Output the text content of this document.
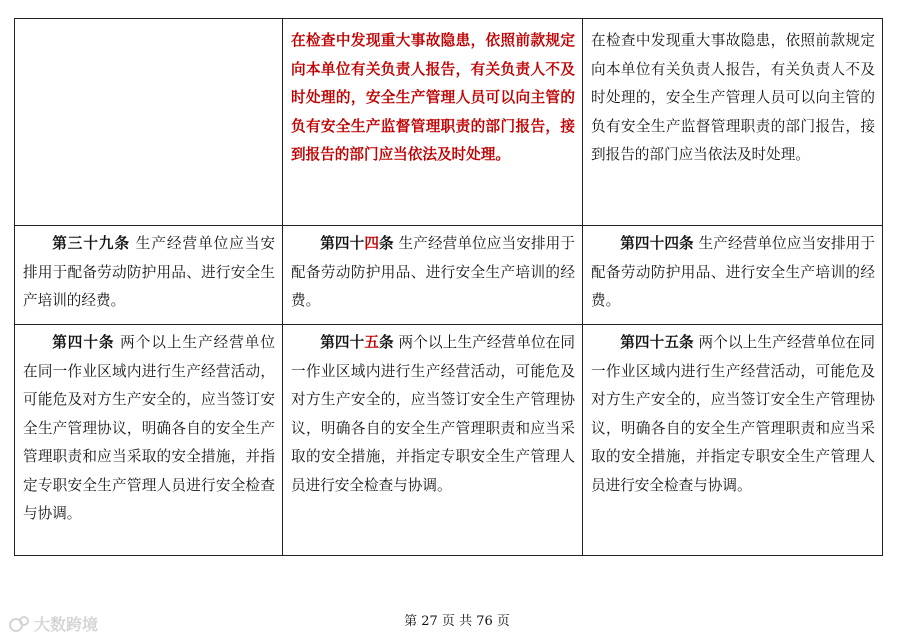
	在检查中发现重大事故隐患，依照前款规定向本单位有关负责人报告，有关负责人不及时处理的，安全生产管理人员可以向主管的负有安全生产监督管理职责的部门报告，接到报告的部门应当依法及时处理。	在检查中发现重大事故隐患，依照前款规定向本单位有关负责人报告，有关负责人不及时处理的，安全生产管理人员可以向主管的负有安全生产监督管理职责的部门报告，接到报告的部门应当依法及时处理。
第三十九条 生产经营单位应当安排用于配备劳动防护用品、进行安全生产培训的经费。	第四十四条 生产经营单位应当安排用于配备劳动防护用品、进行安全生产培训的经费。	第四十四条 生产经营单位应当安排用于配备劳动防护用品、进行安全生产培训的经费。
第四十条 两个以上生产经营单位在同一作业区域内进行生产经营活动，可能危及对方生产安全的，应当签订安全生产管理协议，明确各自的安全生产管理职责和应当采取的安全措施，并指定专职安全生产管理人员进行安全检查与协调。	第四十五条 两个以上生产经营单位在同一作业区域内进行生产经营活动，可能危及对方生产安全的，应当签订安全生产管理协议，明确各自的安全生产管理职责和应当采取的安全措施，并指定专职安全生产管理人员进行安全检查与协调。	第四十五条 两个以上生产经营单位在同一作业区域内进行生产经营活动，可能危及对方生产安全的，应当签订安全生产管理协议，明确各自的安全生产管理职责和应当采取的安全措施，并指定专职安全生产管理人员进行安全检查与协调。
大数跨境	第 27 页 共 76 页
